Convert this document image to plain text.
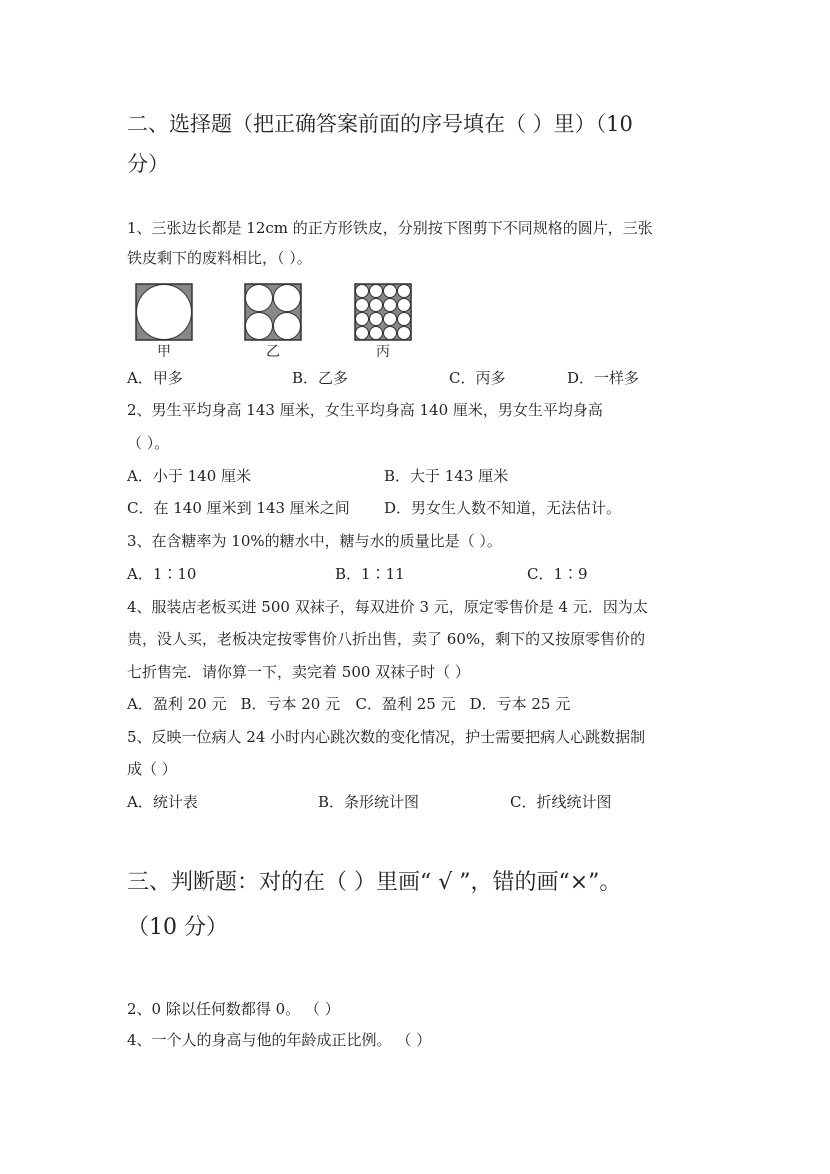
二、选择题（把正确答案前面的序号填在（ ）里）（10
分）
1、三张边长都是 12cm 的正方形铁皮，分别按下图剪下不同规格的圆片，三张
铁皮剩下的废料相比，（ ）。
甲	乙	丙
A．甲多	B．乙多	C．丙多	D．一样多
2、男生平均身高 143 厘米，女生平均身高 140 厘米，男女生平均身高
（ ）。
A．小于 140 厘米	B．大于 143 厘米
C．在 140 厘米到 143 厘米之间	D．男女生人数不知道，无法估计。
3、在含糖率为 10%的糖水中，糖与水的质量比是（ ）。
A．1∶10	B．1∶11	C．1∶9
4、服装店老板买进 500 双袜子，每双进价 3 元，原定零售价是 4 元．因为太
贵，没人买，老板决定按零售价八折出售，卖了 60%，剩下的又按原零售价的
七折售完．请你算一下，卖完着 500 双袜子时（ ）
A．盈利 20 元 B．亏本 20 元 C．盈利 25 元 D．亏本 25 元
5、反映一位病人 24 小时内心跳次数的变化情况，护士需要把病人心跳数据制
成（ ）
A．统计表	B．条形统计图	C．折线统计图
三、判断题：对的在（ ）里画“ √ ”，错的画“×”。
（10 分）
2、0 除以任何数都得 0。 （ ）
4、一个人的身高与他的年龄成正比例。 （ ）
